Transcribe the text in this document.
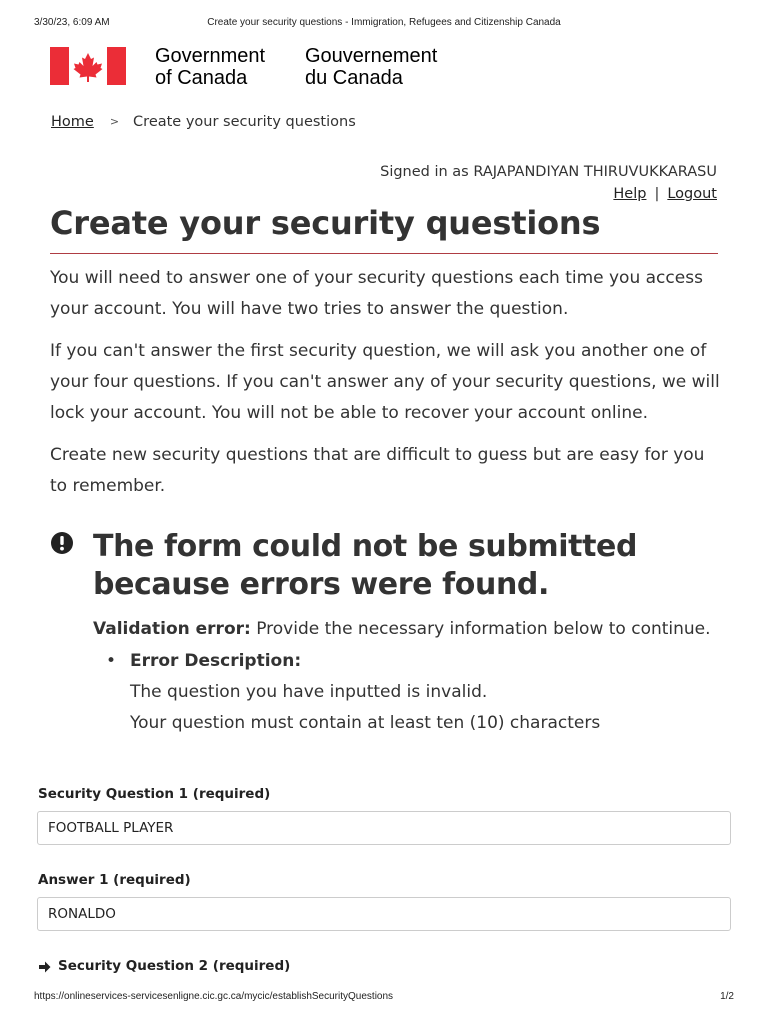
3/30/23, 6:09 AM	Create your security questions - Immigration, Refugees and Citizenship Canada
Government
of Canada
Gouvernement
du Canada
Home > Create your security questions
Signed in as RAJAPANDIYAN THIRUVUKKARASU
Help | Logout
Create your security questions

You will need to answer one of your security questions each time you access your account. You will have two tries to answer the question.

If you can't answer the first security question, we will ask you another one of your four questions. If you can't answer any of your security questions, we will lock your account. You will not be able to recover your account online.

Create new security questions that are difficult to guess but are easy for you to remember.

The form could not be submitted because errors were found.
Validation error: Provide the necessary information below to continue.
• Error Description:
The question you have inputted is invalid.
Your question must contain at least ten (10) characters
Security Question 1 (required)
FOOTBALL PLAYER
Answer 1 (required)
RONALDO
Security Question 2 (required)
https://onlineservices-servicesenligne.cic.gc.ca/mycic/establishSecurityQuestions	1/2
